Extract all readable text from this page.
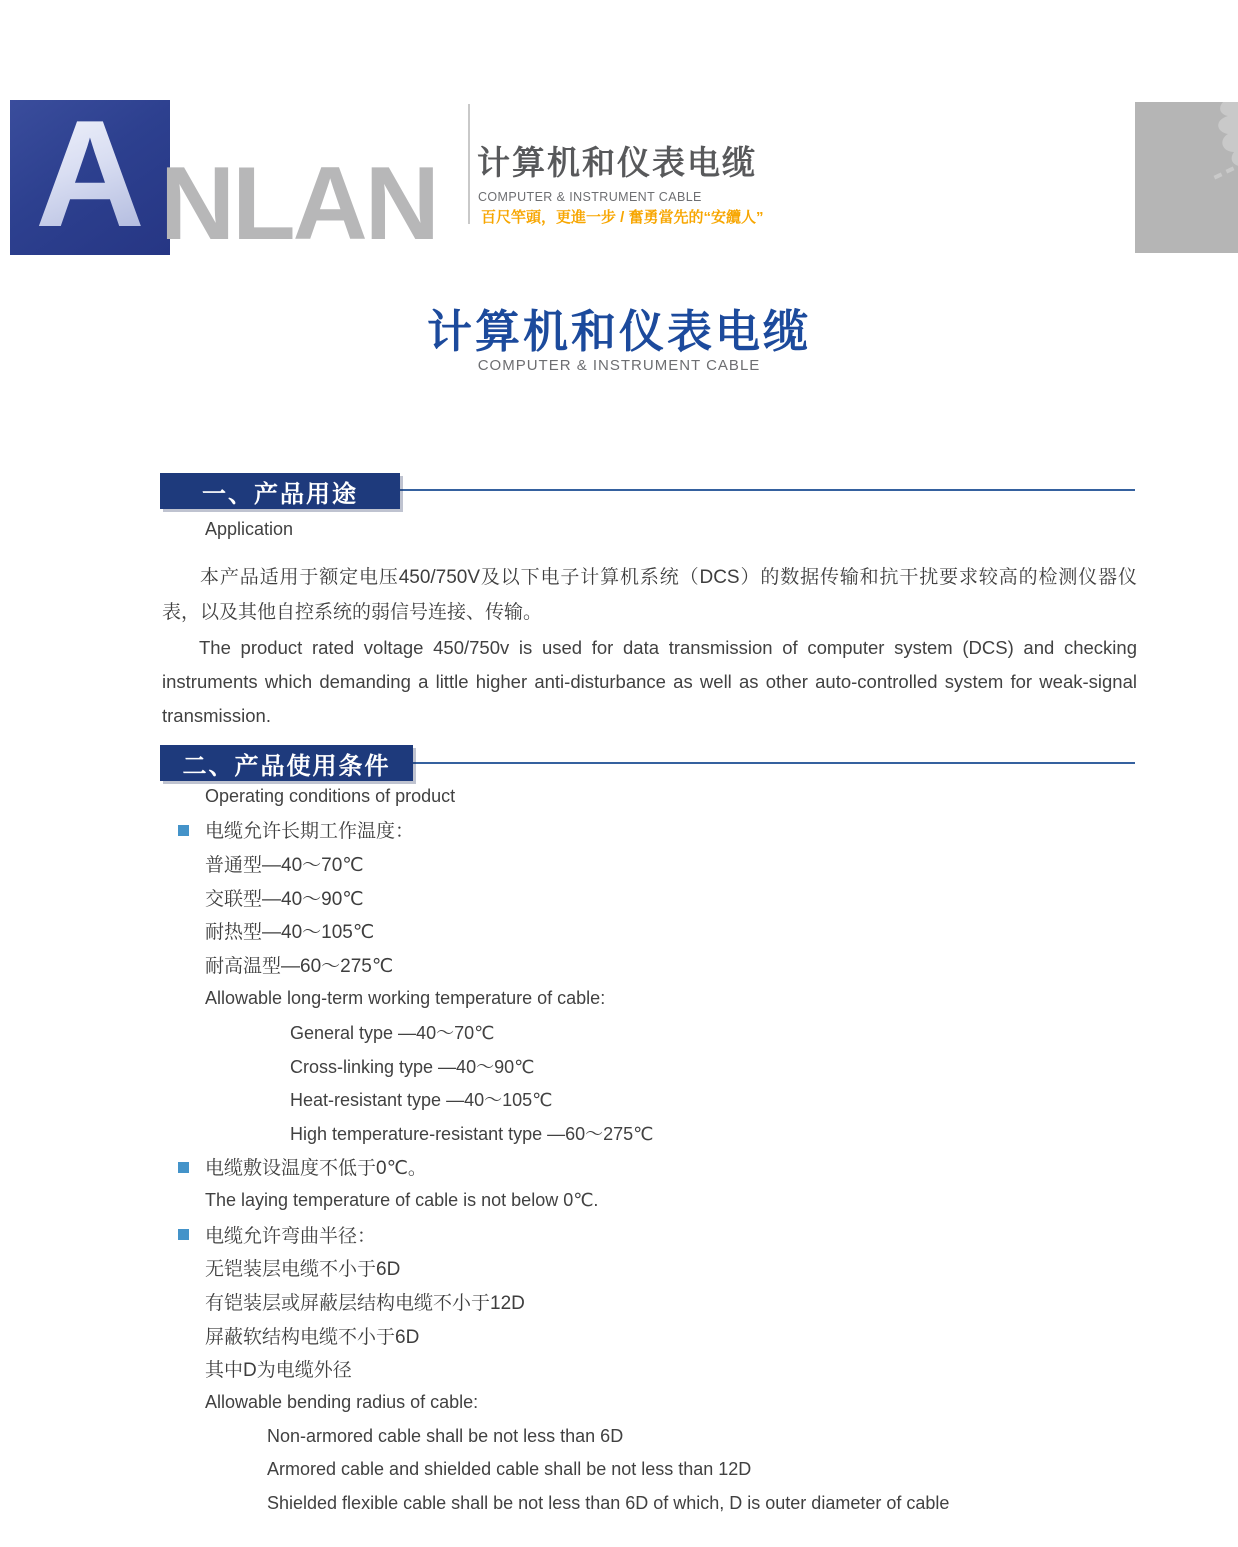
A NLAN 计算机和仪表电缆
COMPUTER & INSTRUMENT CABLE
百尺竿頭，更進一步 / 奮勇當先的“安纜人”
计算机和仪表电缆
COMPUTER & INSTRUMENT CABLE
一、产品用途
Application
本产品适用于额定电压450/750V及以下电子计算机系统（DCS）的数据传输和抗干扰要求较高的检测仪器仪表，以及其他自控系统的弱信号连接、传输。
The product rated voltage 450/750v is used for data transmission of computer system (DCS) and checking instruments which demanding a little higher anti-disturbance as well as other auto-controlled system for weak-signal transmission.
二、产品使用条件
Operating conditions of product
电缆允许长期工作温度：
普通型—40～70℃
交联型—40～90℃
耐热型—40～105℃
耐高温型—60～275℃
Allowable long-term working temperature of cable:
General type —40～70℃
Cross-linking type —40～90℃
Heat-resistant type —40～105℃
High temperature-resistant type —60～275℃
电缆敷设温度不低于0℃。
The laying temperature of cable is not below 0℃.
电缆允许弯曲半径：
无铠装层电缆不小于6D
有铠装层或屏蔽层结构电缆不小于12D
屏蔽软结构电缆不小于6D
其中D为电缆外径
Allowable bending radius of cable:
Non-armored cable shall be not less than 6D
Armored cable and shielded cable shall be not less than 12D
Shielded flexible cable shall be not less than 6D of which, D is outer diameter of cable
